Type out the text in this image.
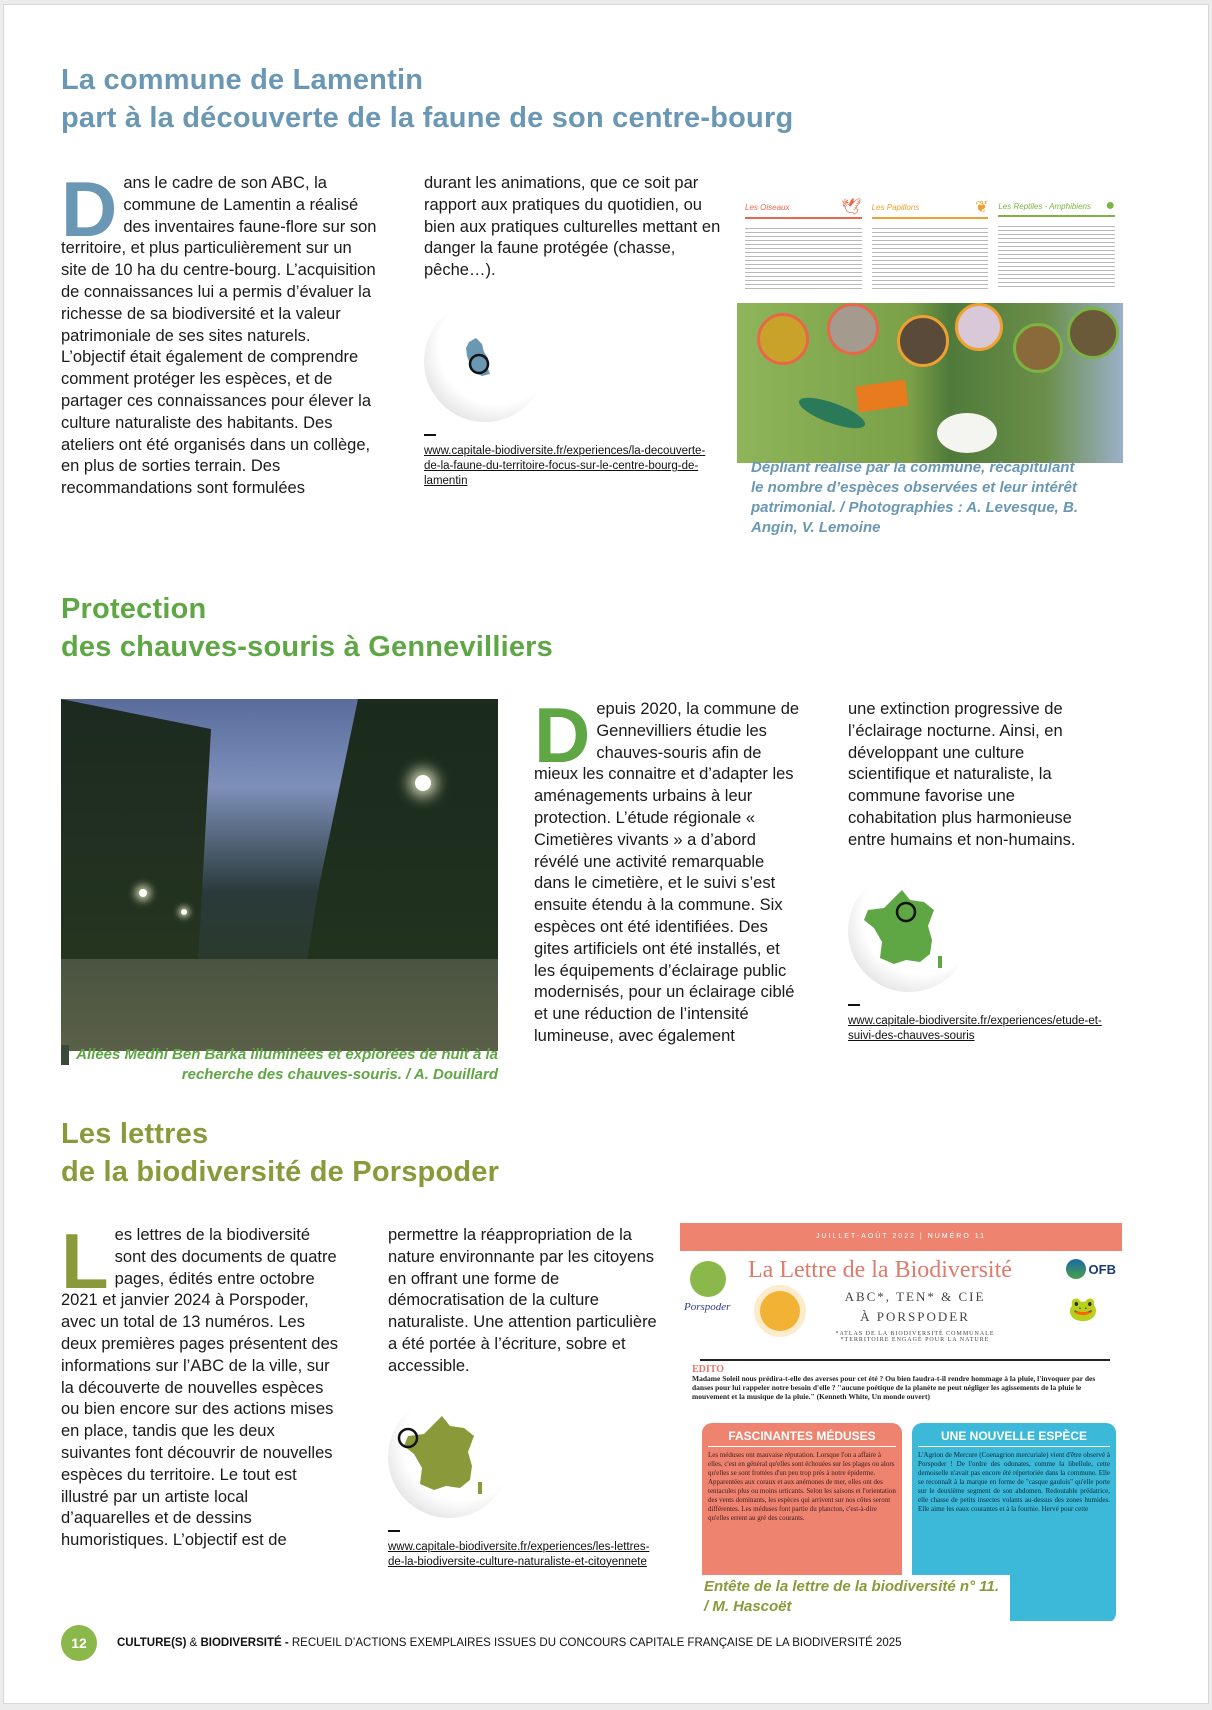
La commune de Lamentin
part à la découverte de la faune de son centre-bourg
D ans le cadre de son ABC, la commune de Lamentin a réalisé des inventaires faune-flore sur son territoire, et plus particulièrement sur un site de 10 ha du centre-bourg. L’acquisition de connaissances lui a permis d’évaluer la richesse de sa biodiversité et la valeur patrimoniale de ses sites naturels. L’objectif était également de comprendre comment protéger les espèces, et de partager ces connaissances pour élever la culture naturaliste des habitants. Des ateliers ont été organisés dans un collège, en plus de sorties terrain. Des recommandations sont formulées
durant les animations, que ce soit par rapport aux pratiques du quotidien, ou bien aux pratiques culturelles mettant en danger la faune protégée (chasse, pêche…).
www.capitale-biodiversite.fr/experiences/la-decouverte-de-la-faune-du-territoire-focus-sur-le-centre-bourg-de-lamentin
Les Oiseaux	🕊 Les Papillons	❦ Les Reptiles - Amphibiens ●
Dépliant réalisé par la commune, récapitulant le nombre d’espèces observées et leur intérêt patrimonial. / Photographies : A. Levesque, B. Angin, V. Lemoine
Protection
des chauves-souris à Gennevilliers
Allées Medhi Ben Barka illuminées et explorées de nuit à la recherche des chauves-souris. / A. Douillard
D epuis 2020, la commune de Gennevilliers étudie les chauves-souris afin de mieux les connaitre et d’adapter les aménagements urbains à leur protection. L’étude régionale « Cimetières vivants » a d’abord révélé une activité remarquable dans le cimetière, et le suivi s’est ensuite étendu à la commune. Six espèces ont été identifiées. Des gites artificiels ont été installés, et les équipements d’éclairage public modernisés, pour un éclairage ciblé et une réduction de l’intensité lumineuse, avec également
une extinction progressive de l’éclairage nocturne. Ainsi, en développant une culture scientifique et naturaliste, la commune favorise une cohabitation plus harmonieuse entre humains et non-humains.
www.capitale-biodiversite.fr/experiences/etude-et-suivi-des-chauves-souris
Les lettres
de la biodiversité de Porspoder
L es lettres de la biodiversité sont des documents de quatre pages, édités entre octobre 2021 et janvier 2024 à Porspoder, avec un total de 13 numéros. Les deux premières pages présentent des informations sur l’ABC de la ville, sur la découverte de nouvelles espèces ou bien encore sur des actions mises en place, tandis que les deux suivantes font découvrir de nouvelles espèces du territoire. Le tout est illustré par un artiste local d’aquarelles et de dessins humoristiques. L’objectif est de
permettre la réappropriation de la nature environnante par les citoyens en offrant une forme de démocratisation de la culture naturaliste. Une attention particulière a été portée à l’écriture, sobre et accessible.
www.capitale-biodiversite.fr/experiences/les-lettres-de-la-biodiversite-culture-naturaliste-et-citoyennete
JUILLET-AOÛT 2022 | NUMÉRO 11
Porspoder
La Lettre de la Biodiversité	OFB
ABC*, TEN* & CIE
À PORSPODER
*ATLAS DE LA BIODIVERSITÉ COMMUNALE
*TERRITOIRE ENGAGÉ POUR LA NATURE
🐸
EDITO
Madame Soleil nous prédira-t-elle des averses pour cet été ? Ou bien faudra-t-il rendre hommage à la pluie, l'invoquer par des danses pour lui rappeler notre besoin d'elle ? "aucune poétique de la planète ne peut négliger les agissements de la pluie le mouvement et la musique de la pluie." (Kenneth White, Un monde ouvert)
FASCINANTES MÉDUSES
Les méduses ont mauvaise réputation. Lorsque l'on a affaire à elles, c'est en général qu'elles sont échouées sur les plages ou alors qu'elles se sont frottées d'un peu trop près à notre épiderme. Apparentées aux coraux et aux anémones de mer, elles ont des tentacules plus ou moins urticants. Selon les saisons et l'orientation des vents dominants, les espèces qui arrivent sur nos côtes seront différentes. Les méduses font partie du plancton, c'est-à-dire qu'elles errent au gré des courants.
UNE NOUVELLE ESPÈCE
L'Agrion de Mercure (Coenagrion mercuriale) vient d'être observé à Porspoder ! De l'ordre des odonates, comme la libellule, cette demoiselle n'avait pas encore été répertoriée dans la commune. Elle se reconnaît à la marque en forme de "casque gaulois" qu'elle porte sur le deuxième segment de son abdomen. Redoutable prédatrice, elle chasse de petits insectes volants au-dessus des zones humides. Elle aime les eaux courantes et à la fournie. Hervé pour cette
Entête de la lettre de la biodiversité n° 11. / M. Hascoët
12	CULTURE(S) & BIODIVERSITÉ - RECUEIL D’ACTIONS EXEMPLAIRES ISSUES DU CONCOURS CAPITALE FRANÇAISE DE LA BIODIVERSITÉ 2025
